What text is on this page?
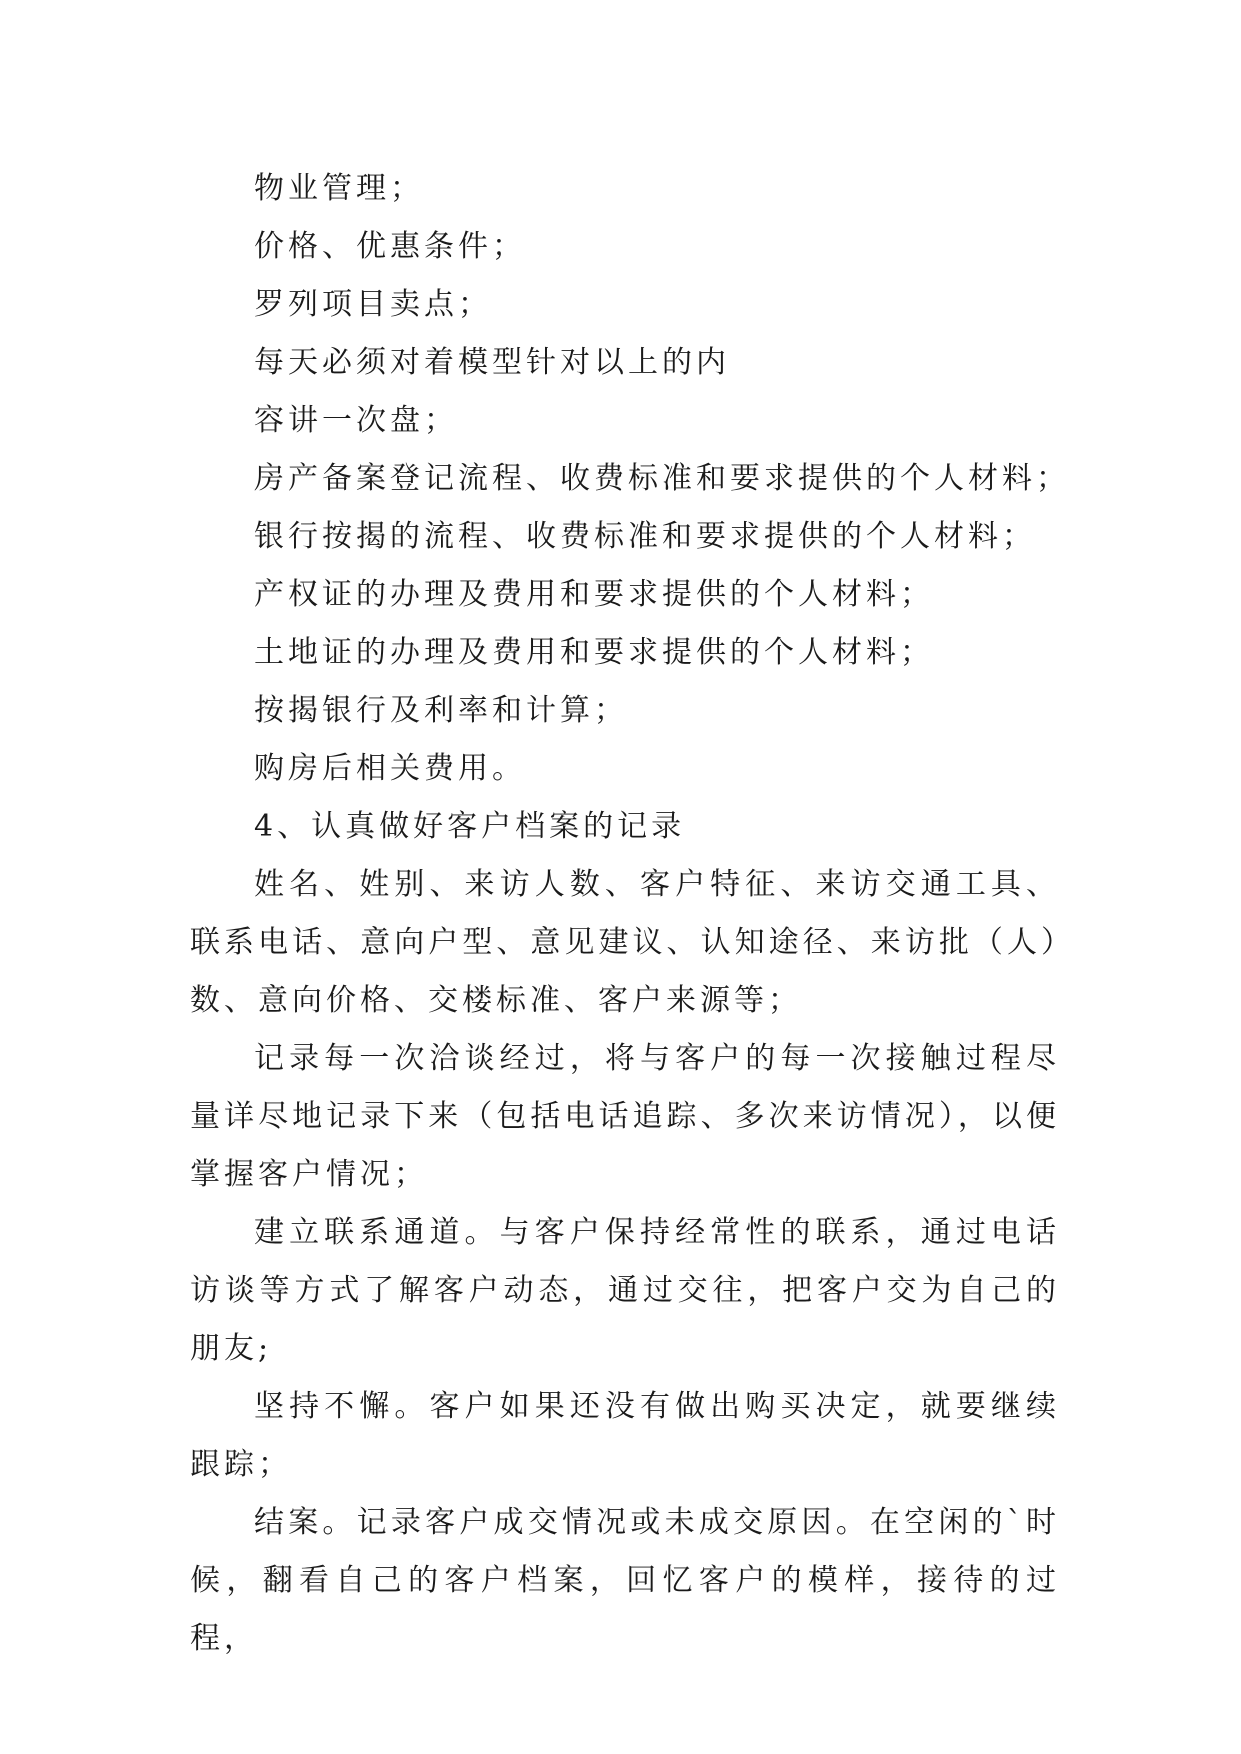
物业管理；

价格、优惠条件；

罗列项目卖点；

每天必须对着模型针对以上的内

容讲一次盘；

房产备案登记流程、收费标准和要求提供的个人材料；

银行按揭的流程、收费标准和要求提供的个人材料；

产权证的办理及费用和要求提供的个人材料；

土地证的办理及费用和要求提供的个人材料；

按揭银行及利率和计算；

购房后相关费用。

4、认真做好客户档案的记录

姓名、姓别、来访人数、客户特征、来访交通工具、联系电话、意向户型、意见建议、认知途径、来访批（人）数、意向价格、交楼标准、客户来源等；

记录每一次洽谈经过，将与客户的每一次接触过程尽量详尽地记录下来（包括电话追踪、多次来访情况），以便掌握客户情况；

建立联系通道。与客户保持经常性的联系，通过电话访谈等方式了解客户动态，通过交往，把客户交为自己的朋友;

坚持不懈。客户如果还没有做出购买决定，就要继续跟踪；

结案。记录客户成交情况或未成交原因。在空闲的`时候，翻看自己的客户档案，回忆客户的模样，接待的过程，
